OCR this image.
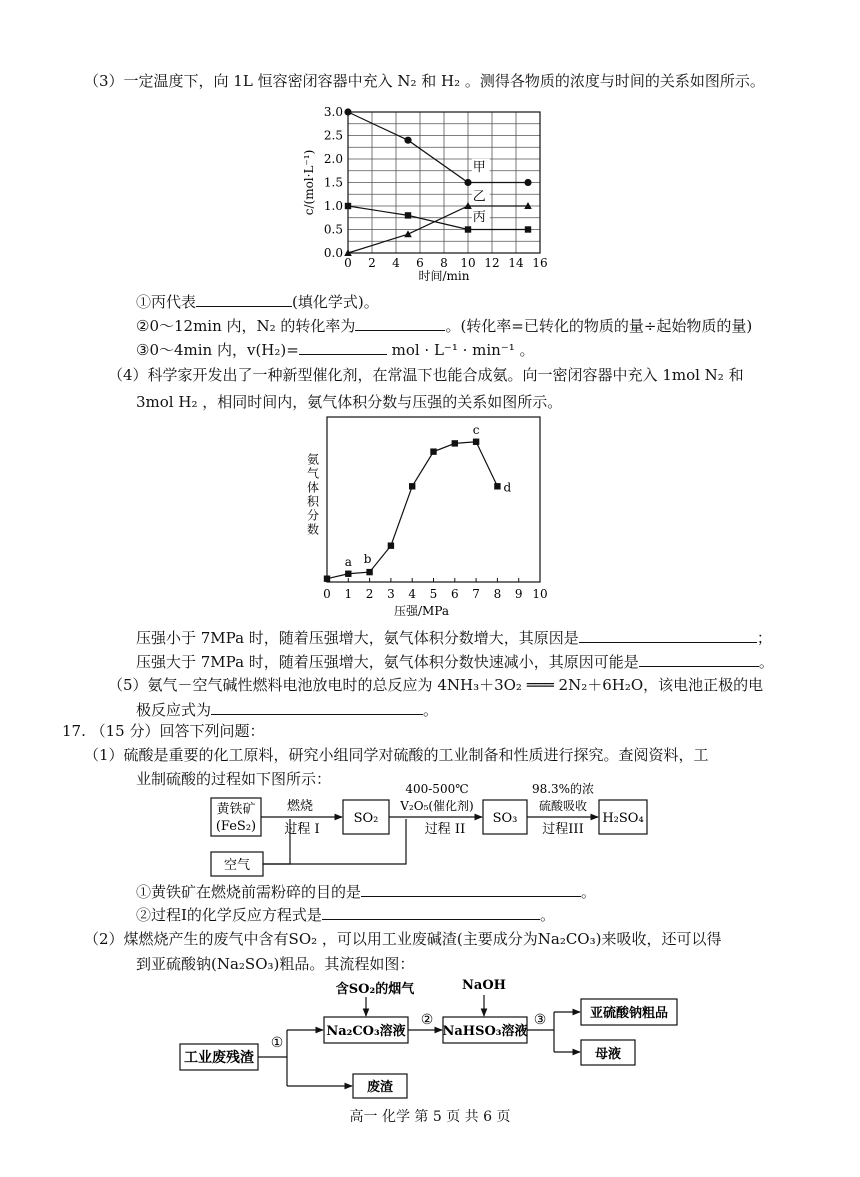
（3）一定温度下，向 1L 恒容密闭容器中充入 N₂ 和 H₂ 。测得各物质的浓度与时间的关系如图所示。
0 2 4 6 8 10 12 14 16
0.0
0.5
1.0
1.5
2.0
2.5
3.0
时间/min
c/(mol·L⁻¹)	甲
乙
丙
①丙代表	(填化学式)。
②0～12min 内，N₂ 的转化率为	。(转化率=已转化的物质的量÷起始物质的量)
③0～4min 内，v(H₂)=	mol · L⁻¹ · min⁻¹ 。
（4）科学家开发出了一种新型催化剂，在常温下也能合成氨。向一密闭容器中充入 1mol N₂ 和
3mol H₂ ，相同时间内，氨气体积分数与压强的关系如图所示。
0 1 2 3 4 5 6 7 8 9 10
压强/MPa
氨气体积分数
a b
c
d
压强小于 7MPa 时，随着压强增大，氨气体积分数增大，其原因是	；
压强大于 7MPa 时，随着压强增大，氨气体积分数快速减小，其原因可能是	。
（5）氨气－空气碱性燃料电池放电时的总反应为 4NH₃＋3O₂ ═══ 2N₂＋6H₂O，该电池正极的电
极反应式为	。
17. （15 分）回答下列问题：
（1）硫酸是重要的化工原料，研究小组同学对硫酸的工业制备和性质进行探究。查阅资料，工
业制硫酸的过程如下图所示：
黄铁矿
(FeS₂)
燃烧
过程 I
空气
SO₂
400-500℃
V₂O₅(催化剂)
过程 II
SO₃
98.3%的浓
硫酸吸收
过程III
H₂SO₄
①黄铁矿在燃烧前需粉碎的目的是	。
②过程I的化学反应方程式是	。
（2）煤燃烧产生的废气中含有SO₂ ，可以用工业废碱渣(主要成分为Na₂CO₃)来吸收，还可以得
到亚硫酸钠(Na₂SO₃)粗品。其流程如图：
工业废残渣
①
含SO₂的烟气
Na₂CO₃溶液
②
NaOH
NaHSO₃溶液
③	亚硫酸钠粗品
母液
废渣
高一 化学 第 5 页 共 6 页
